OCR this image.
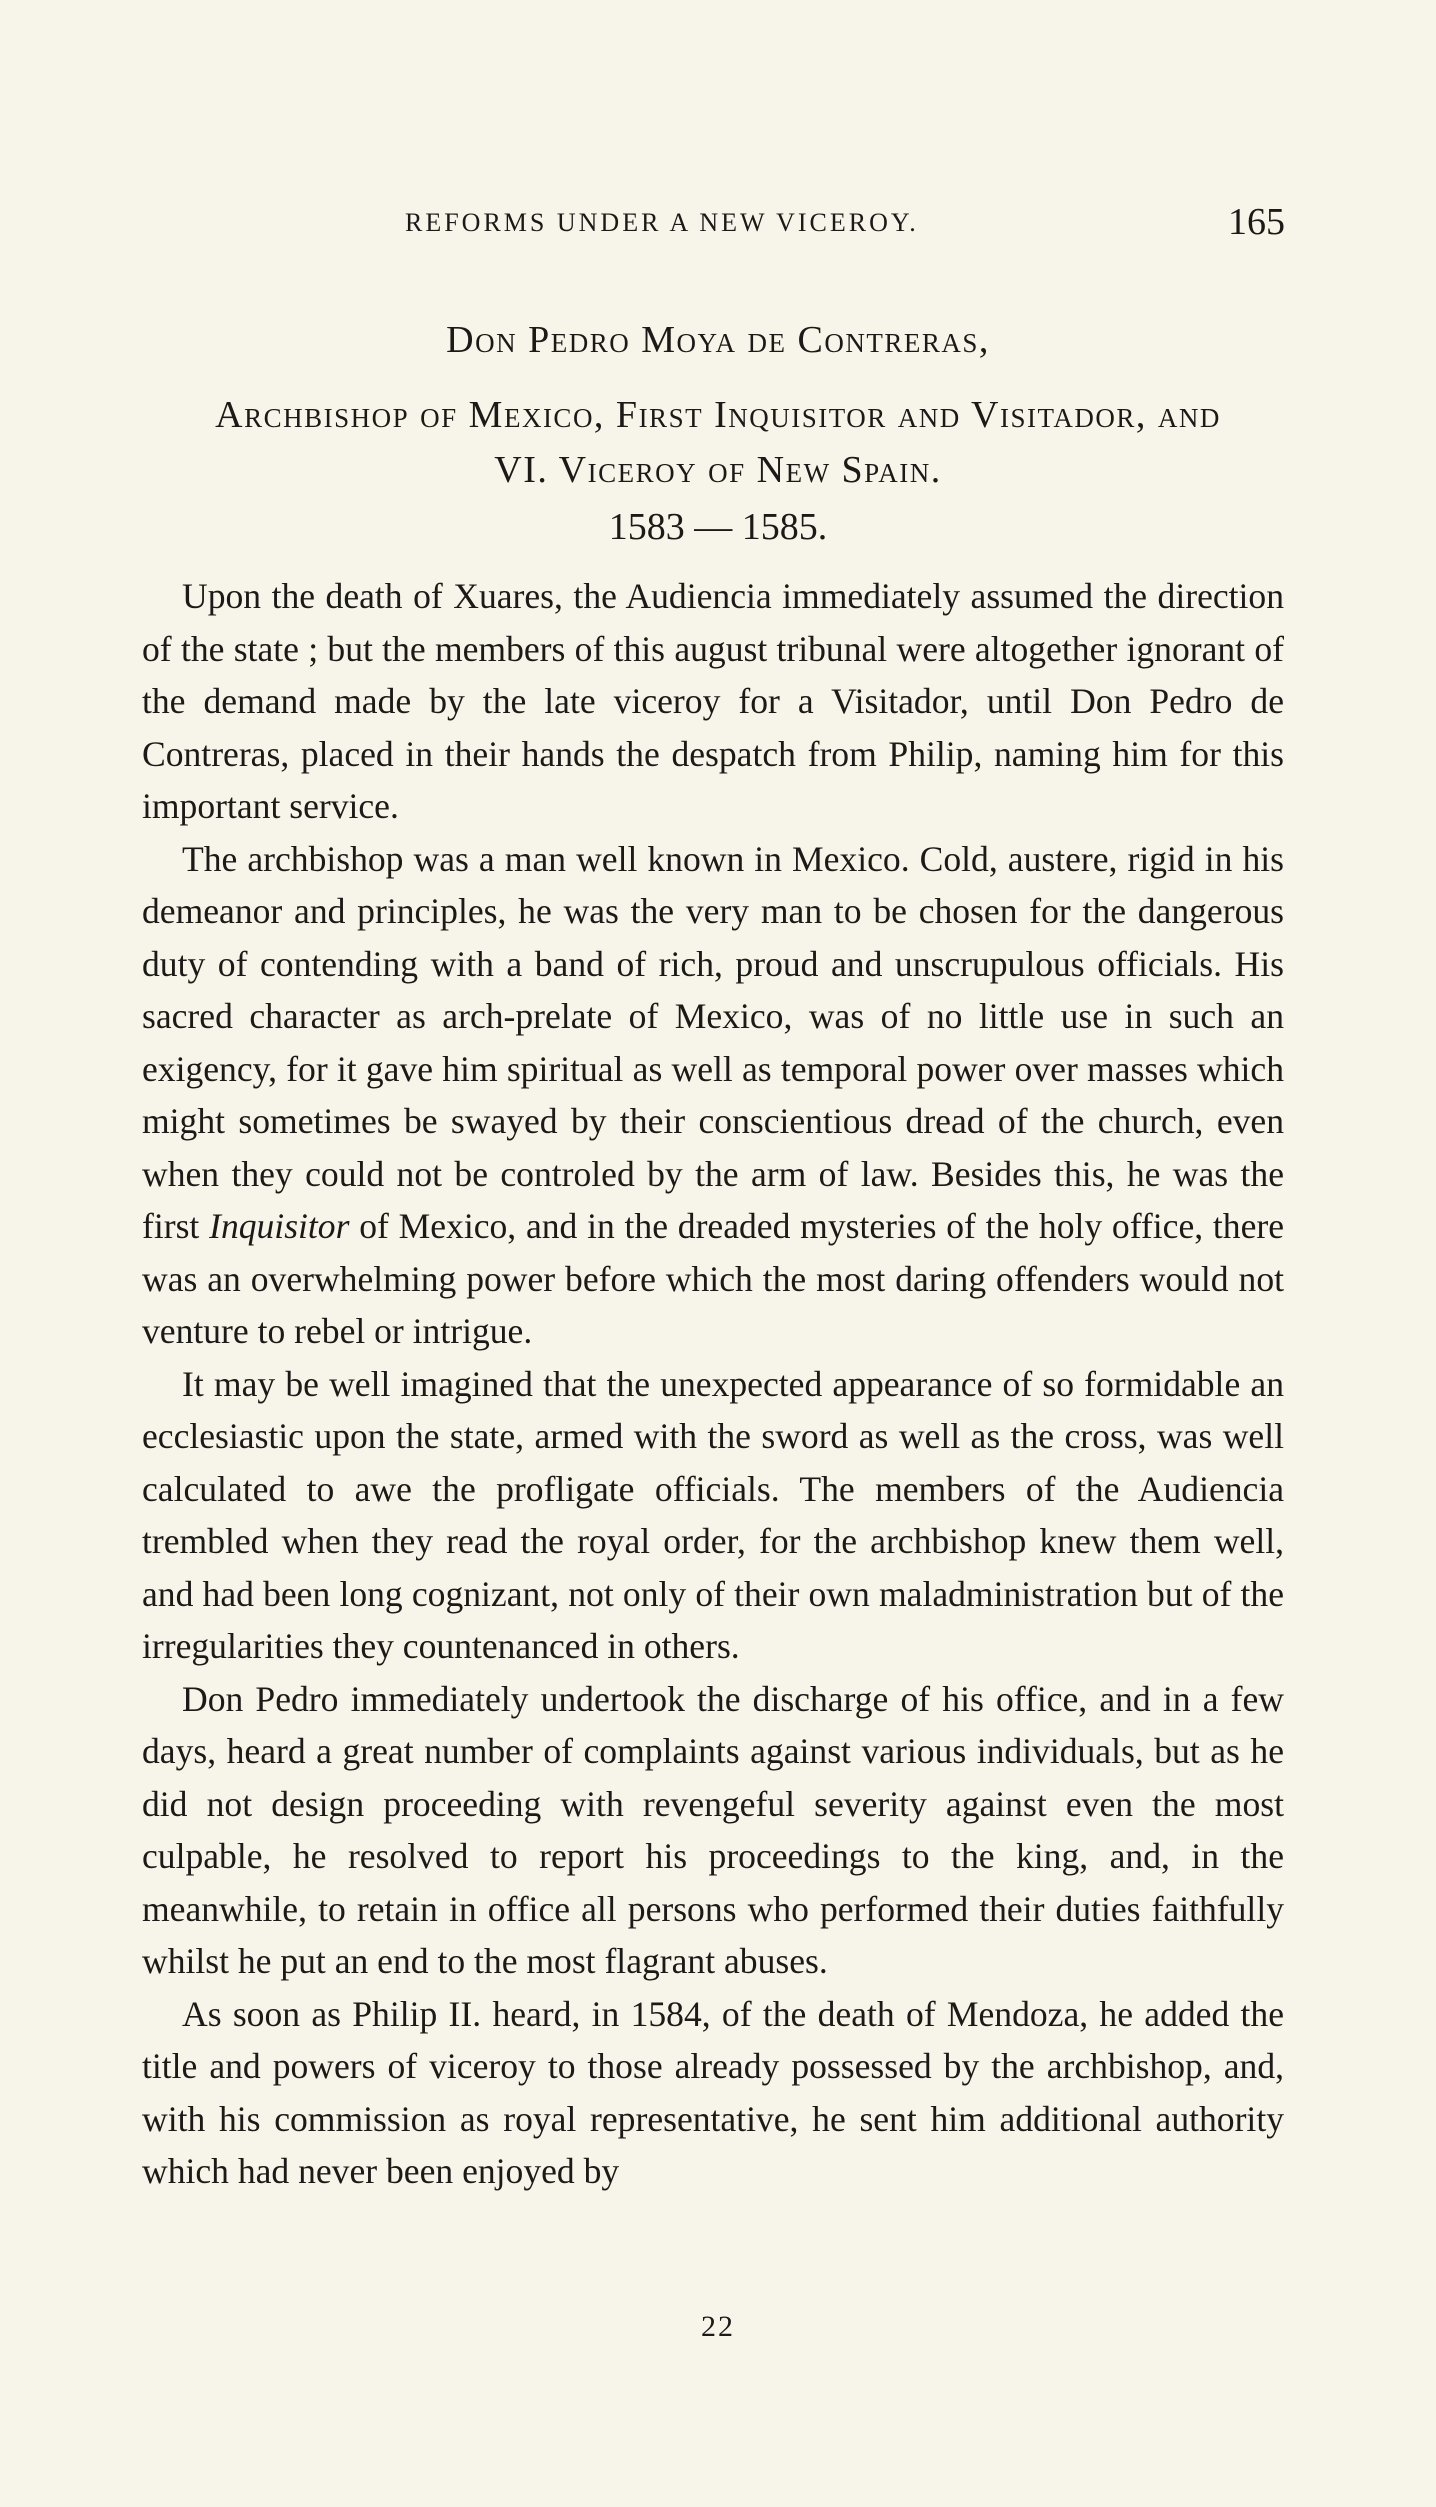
REFORMS UNDER A NEW VICEROY.	165
Don Pedro Moya de Contreras,
Archbishop of Mexico, First Inquisitor and Visitador, and
VI. Viceroy of New Spain.
1583 — 1585.

Upon the death of Xuares, the Audiencia immediately assumed the direction of the state ; but the members of this august tribunal were altogether ignorant of the demand made by the late viceroy for a Visitador, until Don Pedro de Contreras, placed in their hands the despatch from Philip, naming him for this important service.

The archbishop was a man well known in Mexico. Cold, austere, rigid in his demeanor and principles, he was the very man to be chosen for the dangerous duty of contending with a band of rich, proud and unscrupulous officials. His sacred character as arch-prelate of Mexico, was of no little use in such an exigency, for it gave him spiritual as well as temporal power over masses which might sometimes be swayed by their conscientious dread of the church, even when they could not be controled by the arm of law. Besides this, he was the first Inquisitor of Mexico, and in the dreaded mysteries of the holy office, there was an overwhelming power before which the most daring offenders would not venture to rebel or intrigue.

It may be well imagined that the unexpected appearance of so formidable an ecclesiastic upon the state, armed with the sword as well as the cross, was well calculated to awe the profligate officials. The members of the Audiencia trembled when they read the royal order, for the archbishop knew them well, and had been long cognizant, not only of their own maladministration but of the irregularities they countenanced in others.

Don Pedro immediately undertook the discharge of his office, and in a few days, heard a great number of complaints against various individuals, but as he did not design proceeding with revengeful severity against even the most culpable, he resolved to report his proceedings to the king, and, in the meanwhile, to retain in office all persons who performed their duties faithfully whilst he put an end to the most flagrant abuses.

As soon as Philip II. heard, in 1584, of the death of Mendoza, he added the title and powers of viceroy to those already possessed by the archbishop, and, with his commission as royal representative, he sent him additional authority which had never been enjoyed by

22
